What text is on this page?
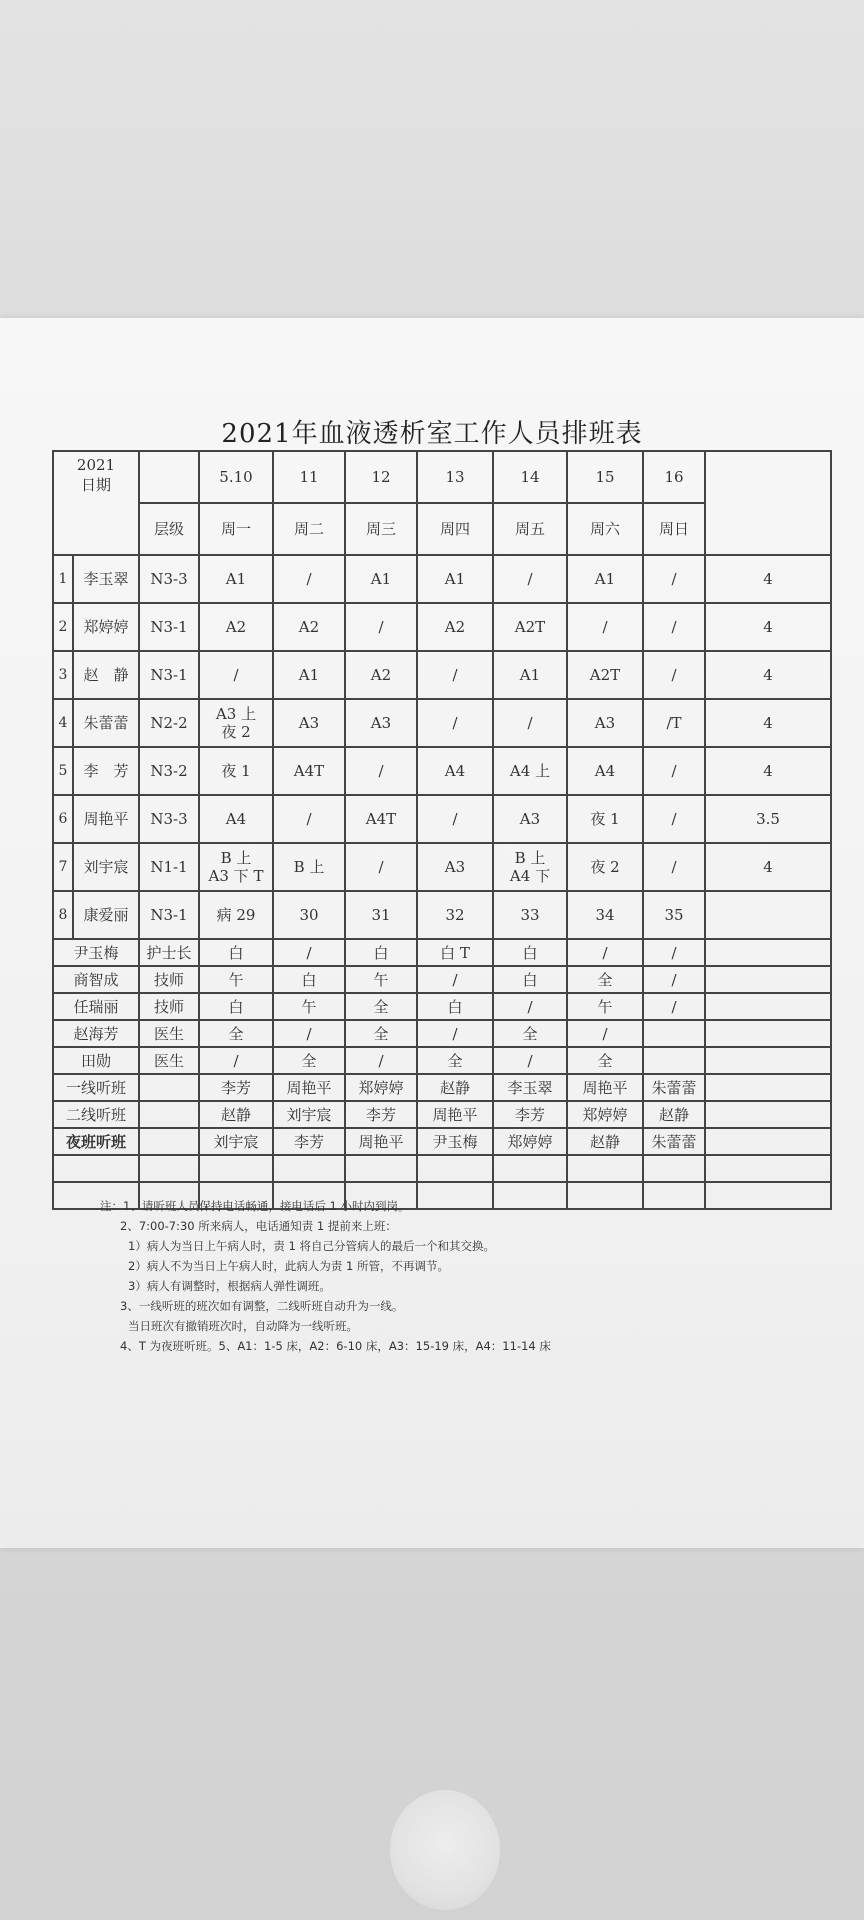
2021年血液透析室工作人员排班表
2021
日期		5.10	11	12	13	14	15	16	
	层级	周一	周二	周三	周四	周五	周六	周日	

1 李玉翠	N3-3	A1	/	A1	A1	/	A1	/	4

2 郑婷婷	N3-1	A2	A2	/	A2	A2T	/	/	4

3 赵　静	N3-1	/	A1	A2	/	A1	A2T	/	4

4 朱蕾蕾	N2-2	A3 上
夜 2	A3	A3	/	/	A3	/T	4

5 李　芳	N3-2	夜 1	A4T	/	A4	A4 上	A4	/	4

6 周艳平	N3-3	A4	/	A4T	/	A3	夜 1	/	3.5

7 刘宇宸	N1-1	B 上
A3 下 T	B 上	/	A3	B 上
A4 下	夜 2	/	4

8 康爱丽	N3-1	病 29	30	31	32	33	34	35	
尹玉梅	护士长	白	/	白	白 T	白	/	/	
商智成	技师	午	白	午	/	白	全	/	
任瑞丽	技师	白	午	全	白	/	午	/	
赵海芳	医生	全	/	全	/	全	/		
田勋	医生	/	全	/	全	/	全		
一线听班		李芳	周艳平	郑婷婷	赵静	李玉翠	周艳平	朱蕾蕾	
二线听班		赵静	刘宇宸	李芳	周艳平	李芳	郑婷婷	赵静	
夜班听班		刘宇宸	李芳	周艳平	尹玉梅	郑婷婷	赵静	朱蕾蕾	

注：1、请听班人员保持电话畅通，接电话后 1 小时内到岗。
2、7:00-7:30 所来病人，电话通知责 1 提前来上班：
1）病人为当日上午病人时，责 1 将自己分管病人的最后一个和其交换。
2）病人不为当日上午病人时，此病人为责 1 所管，不再调节。
3）病人有调整时，根据病人弹性调班。
3、一线听班的班次如有调整，二线听班自动升为一线。
当日班次有撤销班次时，自动降为一线听班。
4、T 为夜班听班。5、A1：1-5 床，A2：6-10 床，A3：15-19 床，A4：11-14 床
